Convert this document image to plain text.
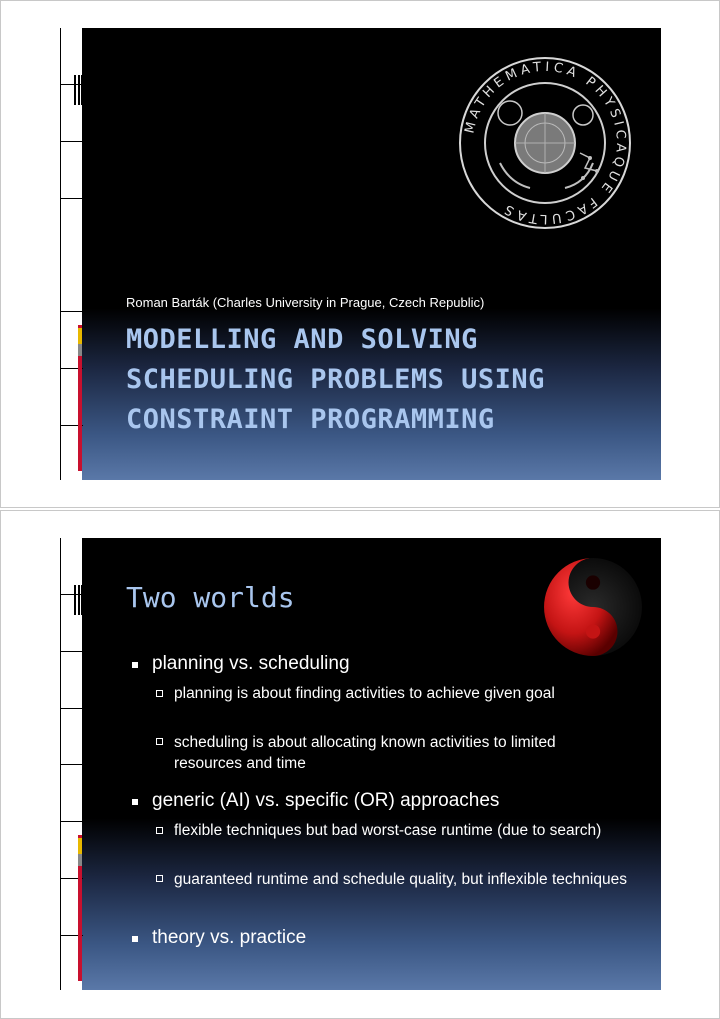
MATHEMATICA PHYSICAQUE FACULTAS
Roman Barták (Charles University in Prague, Czech Republic)
MODELLING AND SOLVING
SCHEDULING PROBLEMS USING
CONSTRAINT PROGRAMMING
Two worlds
planning vs. scheduling
planning is about finding activities to achieve given goal
scheduling is about allocating known activities to limited resources and time
generic (AI) vs. specific (OR) approaches
flexible techniques but bad worst-case runtime (due to search)
guaranteed runtime and schedule quality, but inflexible techniques
theory vs. practice
